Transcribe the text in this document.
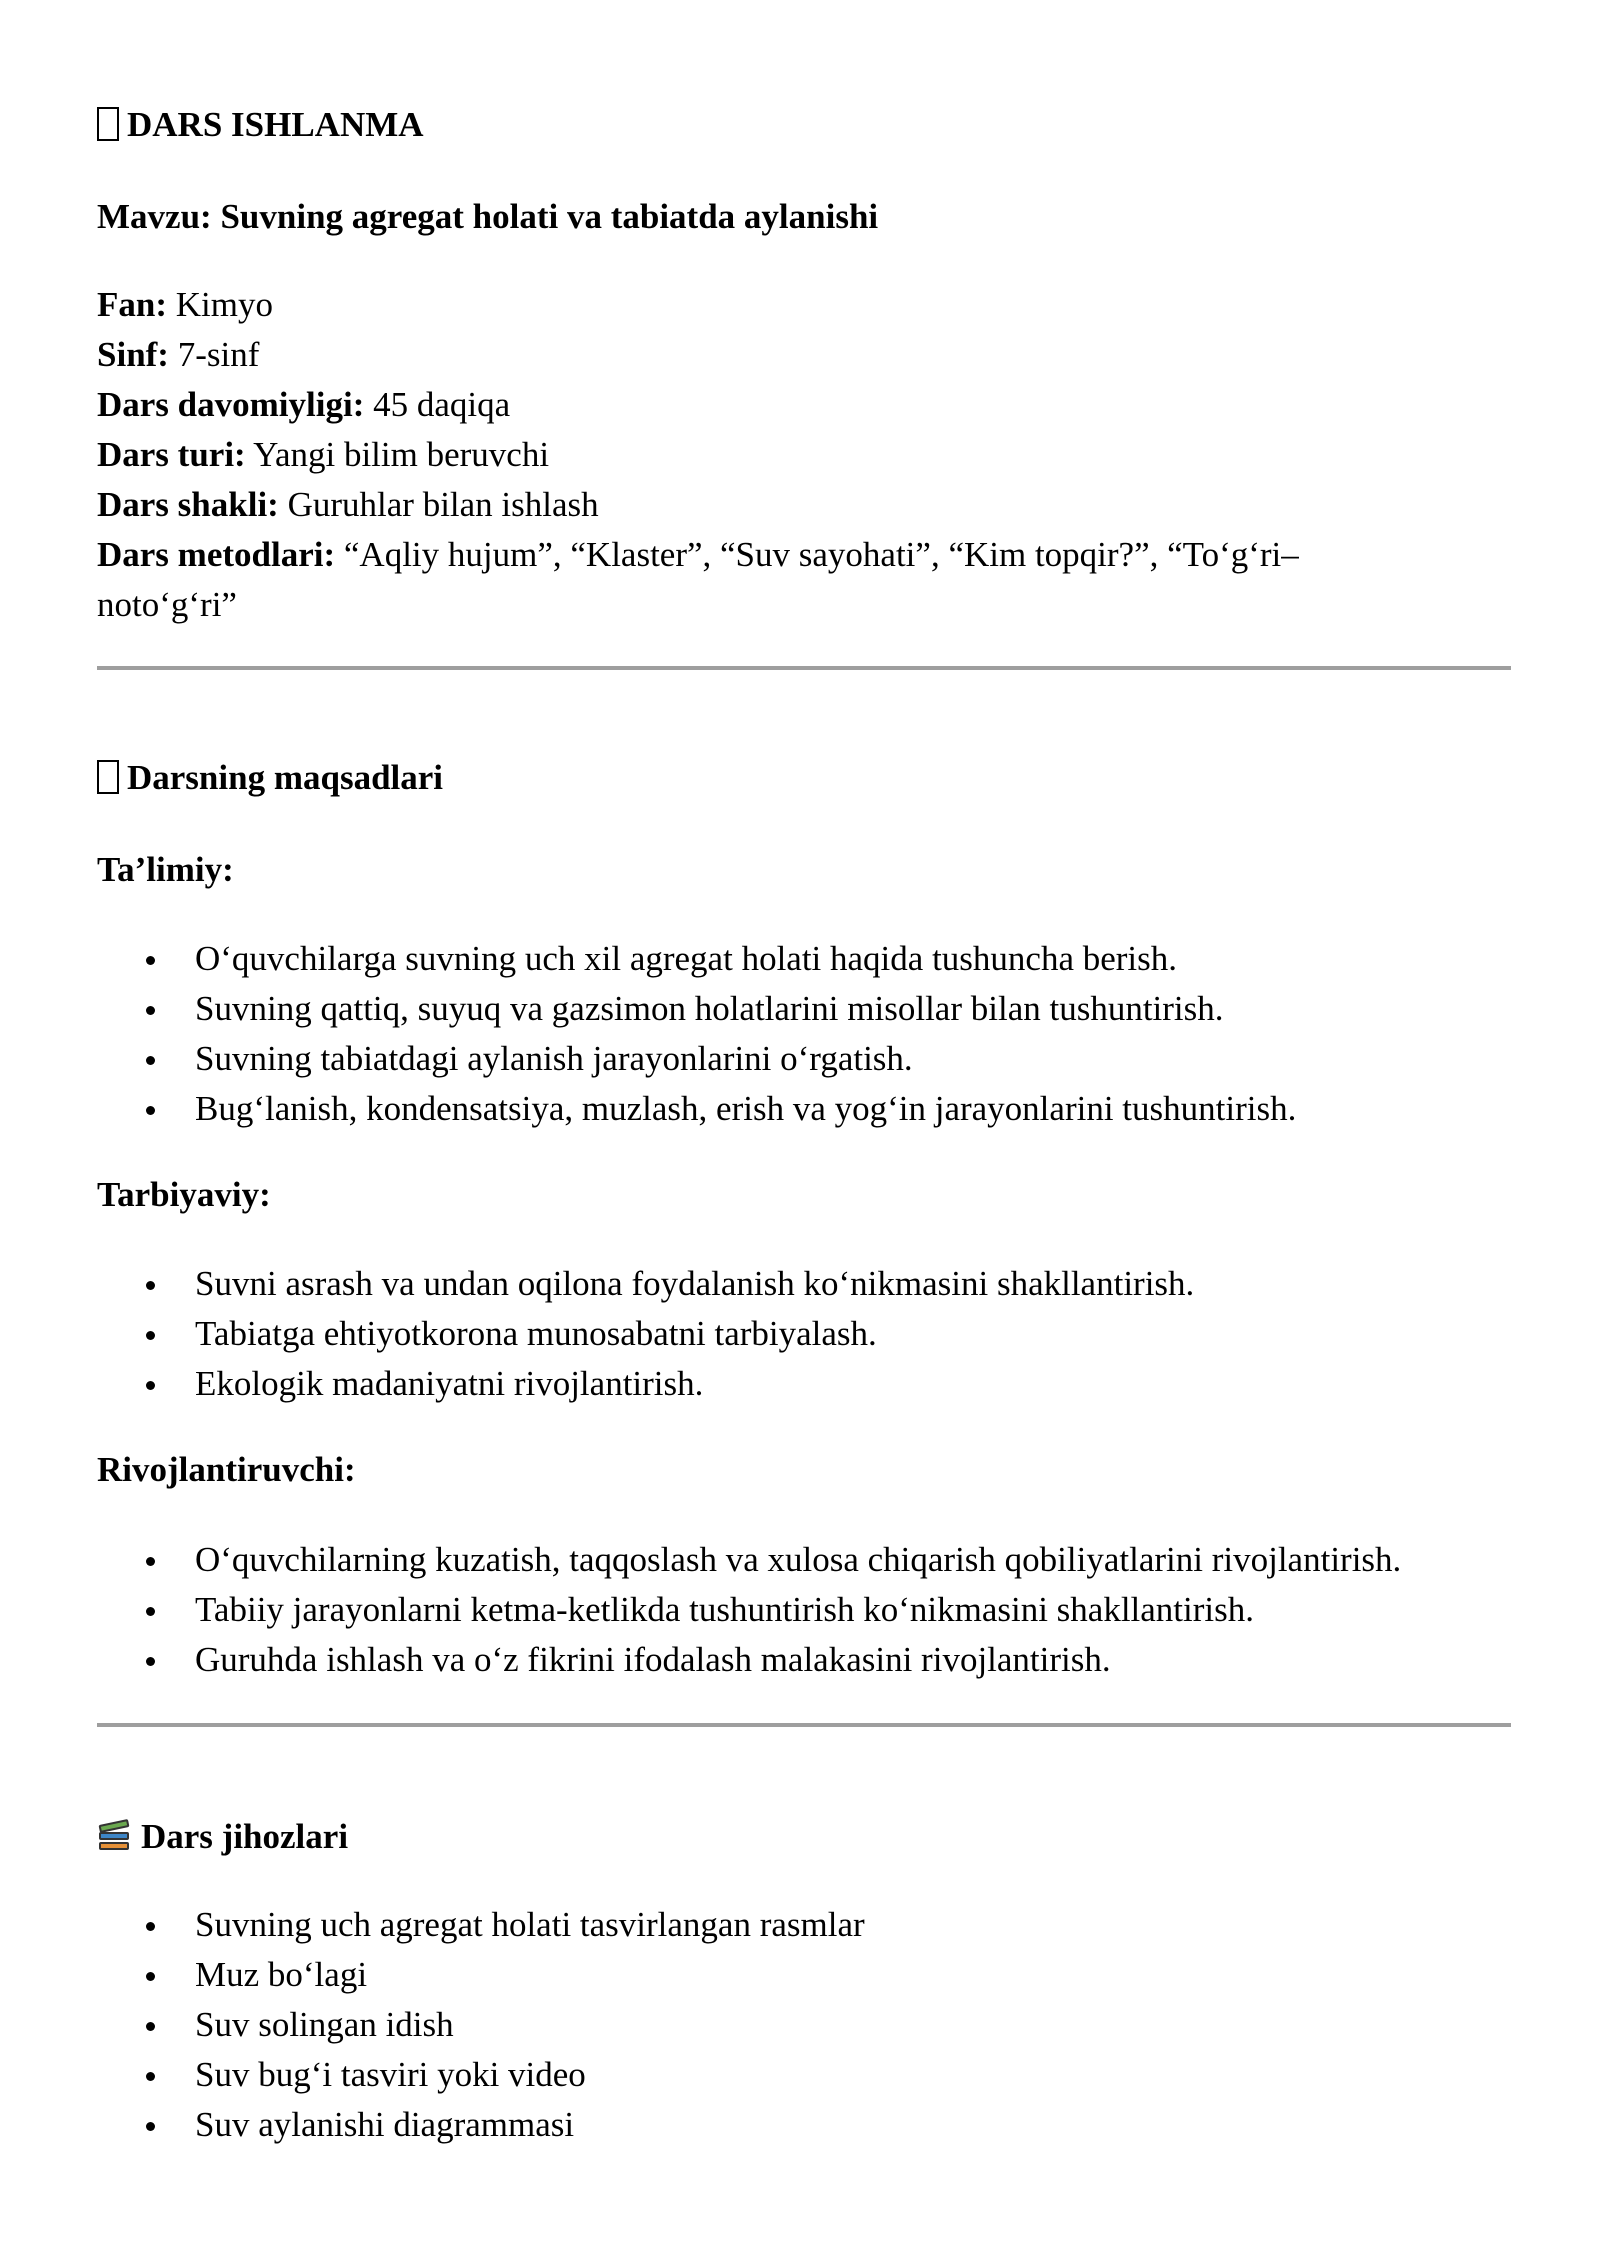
DARS ISHLANMA

Mavzu: Suvning agregat holati va tabiatda aylanishi

Fan: Kimyo

Sinf: 7-sinf

Dars davomiyligi: 45 daqiqa

Dars turi: Yangi bilim beruvchi

Dars shakli: Guruhlar bilan ishlash

Dars metodlari: “Aqliy hujum”, “Klaster”, “Suv sayohati”, “Kim topqir?”, “To‘g‘ri–

noto‘g‘ri”

Darsning maqsadlari

Ta’limiy:

O‘quvchilarga suvning uch xil agregat holati haqida tushuncha berish.
Suvning qattiq, suyuq va gazsimon holatlarini misollar bilan tushuntirish.
Suvning tabiatdagi aylanish jarayonlarini o‘rgatish.
Bug‘lanish, kondensatsiya, muzlash, erish va yog‘in jarayonlarini tushuntirish.

Tarbiyaviy:

Suvni asrash va undan oqilona foydalanish ko‘nikmasini shakllantirish.
Tabiatga ehtiyotkorona munosabatni tarbiyalash.
Ekologik madaniyatni rivojlantirish.

Rivojlantiruvchi:

O‘quvchilarning kuzatish, taqqoslash va xulosa chiqarish qobiliyatlarini rivojlantirish.
Tabiiy jarayonlarni ketma-ketlikda tushuntirish ko‘nikmasini shakllantirish.
Guruhda ishlash va o‘z fikrini ifodalash malakasini rivojlantirish.

Dars jihozlari

Suvning uch agregat holati tasvirlangan rasmlar
Muz bo‘lagi
Suv solingan idish
Suv bug‘i tasviri yoki video
Suv aylanishi diagrammasi
